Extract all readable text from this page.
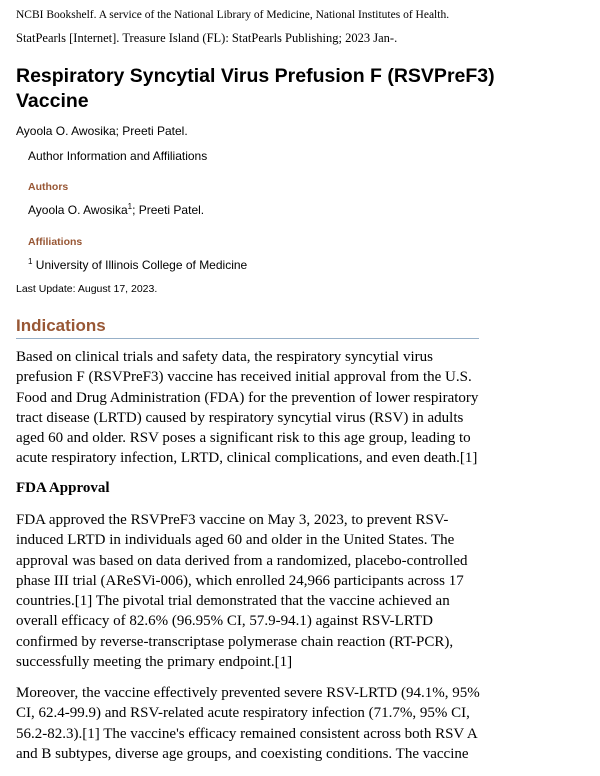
NCBI Bookshelf. A service of the National Library of Medicine, National Institutes of Health.
StatPearls [Internet]. Treasure Island (FL): StatPearls Publishing; 2023 Jan-.
Respiratory Syncytial Virus Prefusion F (RSVPreF3) Vaccine
Ayoola O. Awosika; Preeti Patel.
Author Information and Affiliations
Authors
Ayoola O. Awosika$^1$; Preeti Patel.
Affiliations
$^1$ University of Illinois College of Medicine
Last Update: August 17, 2023.
Indications

Based on clinical trials and safety data, the respiratory syncytial virus prefusion F (RSVPreF3) vaccine has received initial approval from the U.S. Food and Drug Administration (FDA) for the prevention of lower respiratory tract disease (LRTD) caused by respiratory syncytial virus (RSV) in adults aged 60 and older. RSV poses a significant risk to this age group, leading to acute respiratory infection, LRTD, clinical complications, and even death.[1]

FDA Approval

FDA approved the RSVPreF3 vaccine on May 3, 2023, to prevent RSV-induced LRTD in individuals aged 60 and older in the United States. The approval was based on data derived from a randomized, placebo-controlled phase III trial (AReSVi-006), which enrolled 24,966 participants across 17 countries.[1] The pivotal trial demonstrated that the vaccine achieved an overall efficacy of 82.6% (96.95% CI, 57.9-94.1) against RSV-LRTD confirmed by reverse-transcriptase polymerase chain reaction (RT-PCR), successfully meeting the primary endpoint.[1]

Moreover, the vaccine effectively prevented severe RSV-LRTD (94.1%, 95% CI, 62.4-99.9) and RSV-related acute respiratory infection (71.7%, 95% CI, 56.2-82.3).[1] The vaccine's efficacy remained consistent across both RSV A and B subtypes, diverse age groups, and coexisting conditions. The vaccine
